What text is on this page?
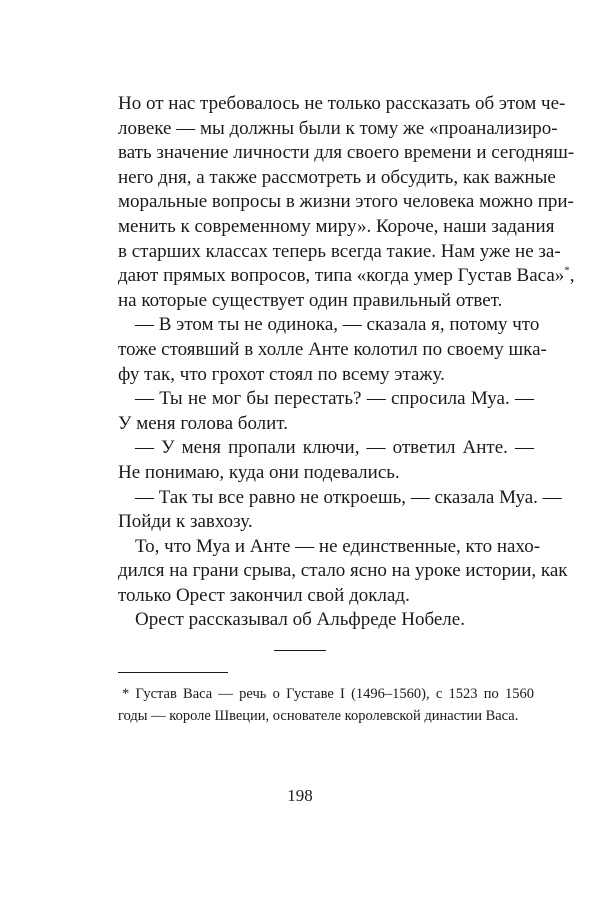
Но от нас требовалось не только рассказать об этом че-
ловеке — мы должны были к тому же «проанализиро-
вать значение личности для своего времени и сегодняш-
него дня, а также рассмотреть и обсудить, как важные
моральные вопросы в жизни этого человека можно при-
менить к современному миру». Короче, наши задания
в старших классах теперь всегда такие. Нам уже не за-
дают прямых вопросов, типа «когда умер Густав Васа»*,
на которые существует один правильный ответ.
— В этом ты не одинока, — сказала я, потому что
тоже стоявший в холле Анте колотил по своему шка-
фу так, что грохот стоял по всему этажу.
— Ты не мог бы перестать? — спросила Муа. —
У меня голова болит.
— У меня пропали ключи, — ответил Анте. —
Не понимаю, куда они подевались.
— Так ты все равно не откроешь, — сказала Муа. —
Пойди к завхозу.
То, что Муа и Анте — не единственные, кто нахо-
дился на грани срыва, стало ясно на уроке истории, как
только Орест закончил свой доклад.
Орест рассказывал об Альфреде Нобеле.
* Густав Васа — речь о Густаве I (1496–1560), с 1523 по 1560
годы — короле Швеции, основателе королевской династии Васа.
198
